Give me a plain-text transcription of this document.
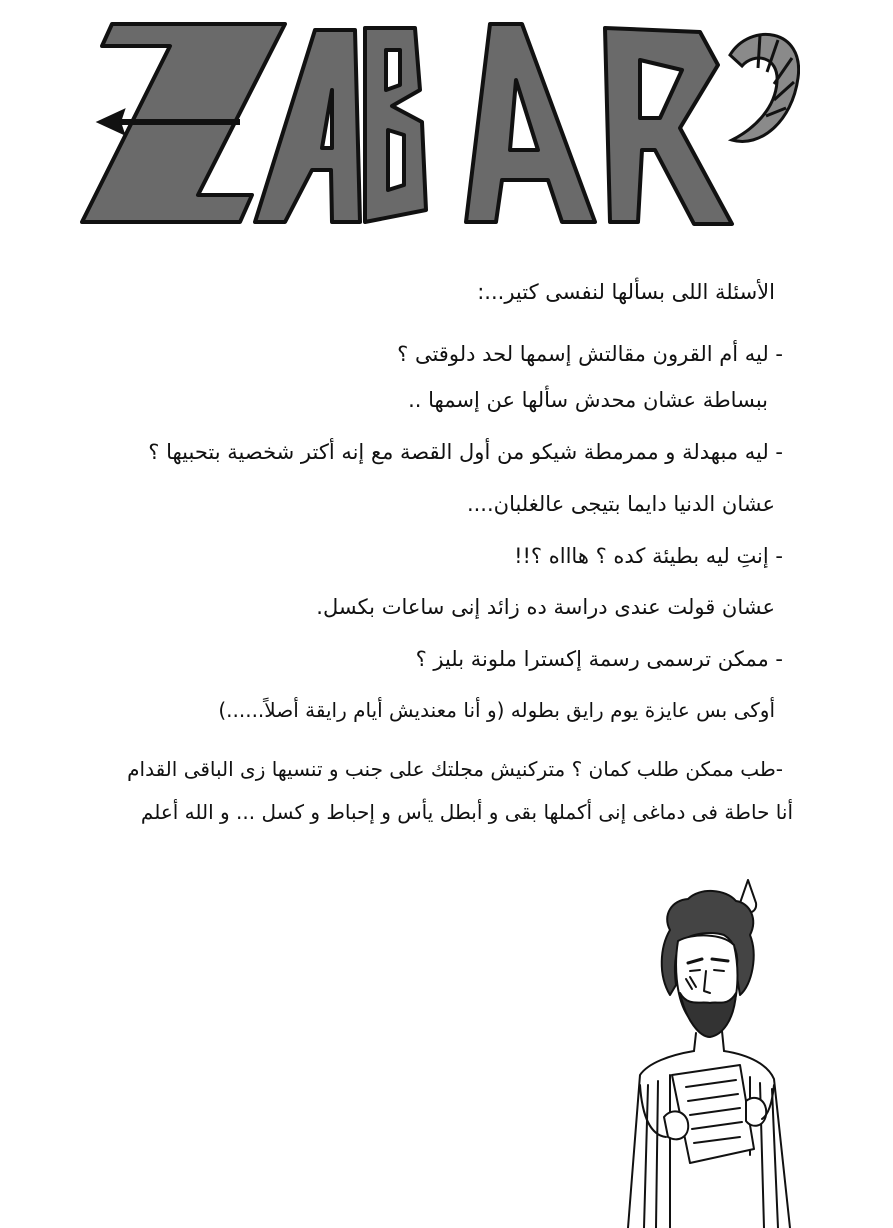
الأسئلة اللى بسألها لنفسى كتير...:
- ليه أم القرون مقالتش إسمها لحد دلوقتى ؟
ببساطة عشان محدش سألها عن إسمها ..
- ليه مبهدلة و ممرمطة شيكو من أول القصة مع إنه أكتر شخصية بتحبيها ؟
عشان الدنيا دايما بتيجى عالغلبان....
- إنتِ ليه بطيئة كده ؟ هاااه ؟!!
عشان قولت عندى دراسة ده زائد إنى ساعات بكسل.
- ممكن ترسمى رسمة إكسترا ملونة بليز ؟
أوكى بس عايزة يوم رايق بطوله (و أنا معنديش أيام رايقة أصلاً......)
-طب ممكن طلب كمان ؟ متركنيش مجلتك على جنب و تنسيها زى الباقى القدام
أنا حاطة فى دماغى إنى أكملها بقى و أبطل يأس و إحباط و كسل ... و الله أعلم
